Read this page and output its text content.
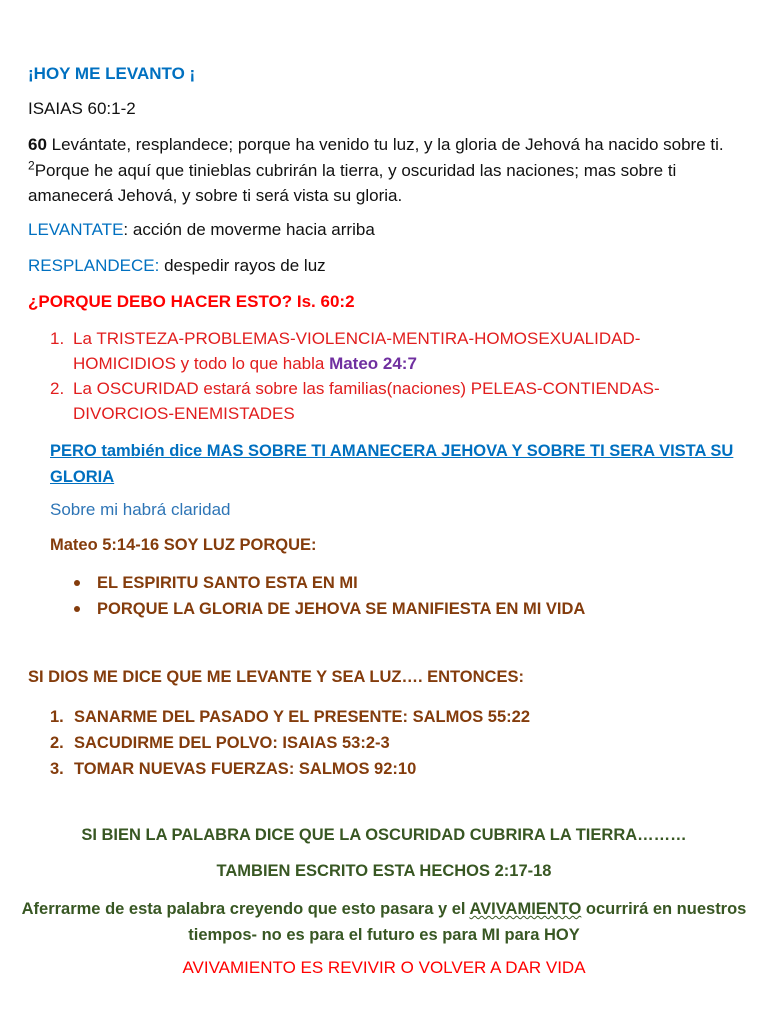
¡HOY ME LEVANTO ¡

ISAIAS 60:1-2

60 Levántate, resplandece; porque ha venido tu luz, y la gloria de Jehová ha nacido sobre ti. $^2$Porque he aquí que tinieblas cubrirán la tierra, y oscuridad las naciones; mas sobre ti amanecerá Jehová, y sobre ti será vista su gloria.

LEVANTATE: acción de moverme hacia arriba

RESPLANDECE: despedir rayos de luz

¿PORQUE DEBO HACER ESTO? Is. 60:2

1. La TRISTEZA-PROBLEMAS-VIOLENCIA-MENTIRA-HOMOSEXUALIDAD-HOMICIDIOS y todo lo que habla Mateo 24:7
2. La OSCURIDAD estará sobre las familias(naciones) PELEAS-CONTIENDAS-DIVORCIOS-ENEMISTADES

PERO también dice MAS SOBRE TI AMANECERA JEHOVA Y SOBRE TI SERA VISTA SU GLORIA

Sobre mi habrá claridad

Mateo 5:14-16 SOY LUZ PORQUE:

EL ESPIRITU SANTO ESTA EN MI
PORQUE LA GLORIA DE JEHOVA SE MANIFIESTA EN MI VIDA

SI DIOS ME DICE QUE ME LEVANTE Y SEA LUZ…. ENTONCES:

1. SANARME DEL PASADO Y EL PRESENTE: SALMOS 55:22
2. SACUDIRME DEL POLVO: ISAIAS 53:2-3
3. TOMAR NUEVAS FUERZAS: SALMOS 92:10

SI BIEN LA PALABRA DICE QUE LA OSCURIDAD CUBRIRA LA TIERRA………

TAMBIEN ESCRITO ESTA HECHOS 2:17-18

Aferrarme de esta palabra creyendo que esto pasara y el AVIVAMIENTO ocurrirá en nuestros tiempos- no es para el futuro es para MI para HOY

AVIVAMIENTO ES REVIVIR O VOLVER A DAR VIDA
